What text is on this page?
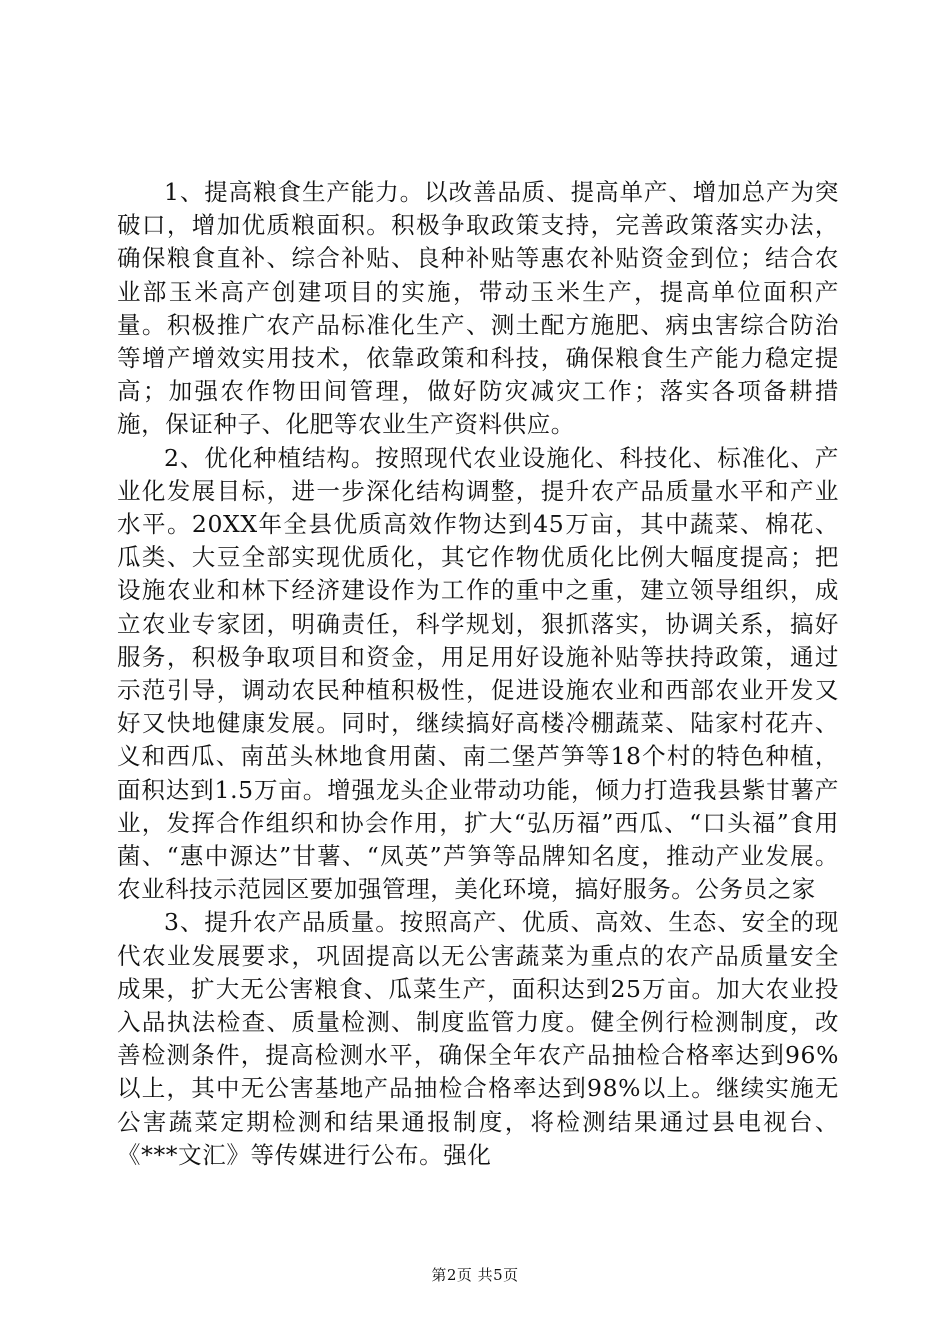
1、提高粮食生产能力。以改善品质、提高单产、增加总产为突破口，增加优质粮面积。积极争取政策支持，完善政策落实办法，确保粮食直补、综合补贴、良种补贴等惠农补贴资金到位；结合农业部玉米高产创建项目的实施，带动玉米生产，提高单位面积产量。积极推广农产品标准化生产、测土配方施肥、病虫害综合防治等增产增效实用技术，依靠政策和科技，确保粮食生产能力稳定提高；加强农作物田间管理，做好防灾减灾工作；落实各项备耕措施，保证种子、化肥等农业生产资料供应。

2、优化种植结构。按照现代农业设施化、科技化、标准化、产业化发展目标，进一步深化结构调整，提升农产品质量水平和产业水平。20XX年全县优质高效作物达到45万亩，其中蔬菜、棉花、瓜类、大豆全部实现优质化，其它作物优质化比例大幅度提高；把设施农业和林下经济建设作为工作的重中之重，建立领导组织，成立农业专家团，明确责任，科学规划，狠抓落实，协调关系，搞好服务，积极争取项目和资金，用足用好设施补贴等扶持政策，通过示范引导，调动农民种植积极性，促进设施农业和西部农业开发又好又快地健康发展。同时，继续搞好高楼冷棚蔬菜、陆家村花卉、义和西瓜、南茁头林地食用菌、南二堡芦笋等18个村的特色种植，面积达到1.5万亩。增强龙头企业带动功能，倾力打造我县紫甘薯产业，发挥合作组织和协会作用，扩大“弘历福”西瓜、“口头福”食用菌、“惠中源达”甘薯、“凤英”芦笋等品牌知名度，推动产业发展。农业科技示范园区要加强管理，美化环境，搞好服务。公务员之家

3、提升农产品质量。按照高产、优质、高效、生态、安全的现代农业发展要求，巩固提高以无公害蔬菜为重点的农产品质量安全成果，扩大无公害粮食、瓜菜生产，面积达到25万亩。加大农业投入品执法检查、质量检测、制度监管力度。健全例行检测制度，改善检测条件，提高检测水平，确保全年农产品抽检合格率达到96%以上，其中无公害基地产品抽检合格率达到98%以上。继续实施无公害蔬菜定期检测和结果通报制度，将检测结果通过县电视台、《***文汇》等传媒进行公布。强化

第2页 共5页
